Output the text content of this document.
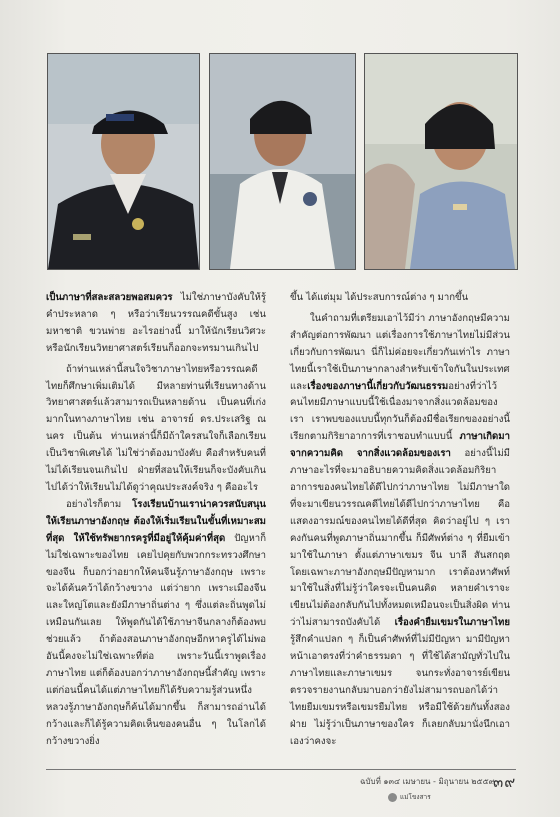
เป็นภาษาที่สละสลวยพอสมควร ไม่ใช่ภาษาบังคับให้รู้คำประหลาด ๆ หรือว่าเรียนวรรณคดีขั้นสูง เช่น มหาชาติ ขวนพ่าย อะไรอย่างนี้ มาให้นักเรียนวิศวะหรือนักเรียนวิทยาศาสตร์เรียนก็ออกจะทรมานเกินไป

ถ้าท่านเหล่านี้สนใจวิชาภาษาไทยหรือวรรณคดีไทยก็ศึกษาเพิ่มเติมได้ มีหลายท่านที่เรียนทางด้านวิทยาศาสตร์แล้วสามารถเป็นหลายด้าน เป็นคนที่เก่งมากในทางภาษาไทย เช่น อาจารย์ ดร.ประเสริฐ ณ นคร เป็นต้น ท่านเหล่านี้ก็มีถ้าใครสนใจก็เลือกเรียนเป็นวิชาพิเศษได้ ไม่ใช่ว่าต้องมาบังคับ คือสำหรับคนที่ไม่ได้เรียนจนเกินไป ฝ่ายที่สอนให้เรียนก็จะบังคับเกินไปได้ว่าให้เรียนไม่ได้ดูว่าคุณประสงค์จริง ๆ คืออะไร

อย่างไรก็ตาม โรงเรียนบ้านเราน่าควรสนับสนุนให้เรียนภาษาอังกฤษ ต้องให้เริ่มเรียนในขั้นที่เหมาะสมที่สุด ให้ใช้ทรัพยากรครูที่มีอยู่ให้คุ้มค่าที่สุด ปัญหาก็ไม่ใช่เฉพาะของไทย เคยไปคุยกับพวกกระทรวงศึกษาของจีน ก็บอกว่าอยากให้คนจีนรู้ภาษาอังกฤษ เพราะจะได้ค้นคว้าได้กว้างขวาง แต่ว่ายาก เพราะเมืองจีนและใหญ่โตและยังมีภาษาถิ่นต่าง ๆ ซึ่งแต่ละถิ่นพูดไม่เหมือนกันเลย ให้พูดกันได้ใช้ภาษาจีนกลางก็ต้องพบช่วยแล้ว ถ้าต้องสอนภาษาอังกฤษอีกหาครูได้ไม่พอ อันนี้คงจะไม่ใช่เฉพาะที่ต่อ เพราะวันนี้เราพูดเรื่องภาษาไทย แต่ก็ต้องบอกว่าภาษาอังกฤษนี้สำคัญ เพราะแต่ก่อนนี้คนได้แต่ภาษาไทยก็ได้รับความรู้ส่วนหนึ่ง หลวงรู้ภาษาอังกฤษก็ค้นได้มากขึ้น ก็สามารถอ่านได้กว้างและก็ได้รู้ความคิดเห็นของคนอื่น ๆ ในโลกได้กว้างขวางยิ่ง

ขึ้น ได้แต่มุม ได้ประสบการณ์ต่าง ๆ มากขึ้น

ในคำถามที่เตรียมเอาไว้มีว่า ภาษาอังกฤษมีความสำคัญต่อการพัฒนา แต่เรื่องการใช้ภาษาไทยไม่มีส่วนเกี่ยวกับการพัฒนา นี่ก็ไม่ค่อยจะเกี่ยวกันเท่าไร ภาษาไทยนี้เราใช้เป็นภาษากลางสำหรับเข้าใจกันในประเทศ และเรื่องของภาษานี้เกี่ยวกับวัฒนธรรมอย่างที่ว่าไว้ คนไทยมีภาษาแบบนี้ใช้เนื่องมาจากสิ่งแวดล้อมของเรา เราพบของแบบนี้ทุกวันก็ต้องมีชื่อเรียกของอย่างนี้ เรียกตามกิริยาอาการที่เราชอบทำแบบนี้ ภาษาเกิดมาจากความคิด จากสิ่งแวดล้อมของเรา อย่างนี้ไม่มีภาษาอะไรที่จะมาอธิบายความคิดสิ่งแวดล้อมกิริยาอาการของคนไทยได้ดีไปกว่าภาษาไทย ไม่มีภาษาใดที่จะมาเขียนวรรณคดีไทยได้ดีไปกว่าภาษาไทย คือแสดงอารมณ์ของคนไทยได้ดีที่สุด คิดว่าอยู่ไป ๆ เราคงกันคนที่พูดภาษาถิ่นมากขึ้น ก็มีศัพท์ต่าง ๆ ที่ยืมเข้ามาใช้ในภาษา ตั้งแต่ภาษาเขมร จีน บาลี สันสกฤต โดยเฉพาะภาษาอังกฤษมีปัญหามาก เราต้องหาศัพท์มาใช้ในสิ่งที่ไม่รู้ว่าใครจะเป็นคนคิด หลายคำเราจะเขียนไม่ต้องกลับกันไปทั้งหมดเหมือนจะเป็นสิ่งผิด ท่านว่าไม่สามารถบังคับได้ เรื่องคำยืมเขมรในภาษาไทย รู้สึกคำแปลก ๆ ก็เป็นคำศัพท์ที่ไม่มีปัญหา มามีปัญหาหน้าเอาตรงที่ว่าคำธรรมดา ๆ ที่ใช้ได้สามัญทั่วไปในภาษาไทยและภาษาเขมร จนกระทั่งอาจารย์เขียนตรวจรายงานกลับมาบอกว่ายังไม่สามารถบอกได้ว่าไทยยืมเขมรหรือเขมรยืมไทย หรือมีใช้ด้วยกันทั้งสองฝ่าย ไม่รู้ว่าเป็นภาษาของใคร ก็เลยกลับมานั่งนึกเอาเองว่าคงจะ

ฉบับที่ ๑๓๔ เมษายน - มิถุนายน ๒๕๕๙
๓๙
แม่โขงสาร
